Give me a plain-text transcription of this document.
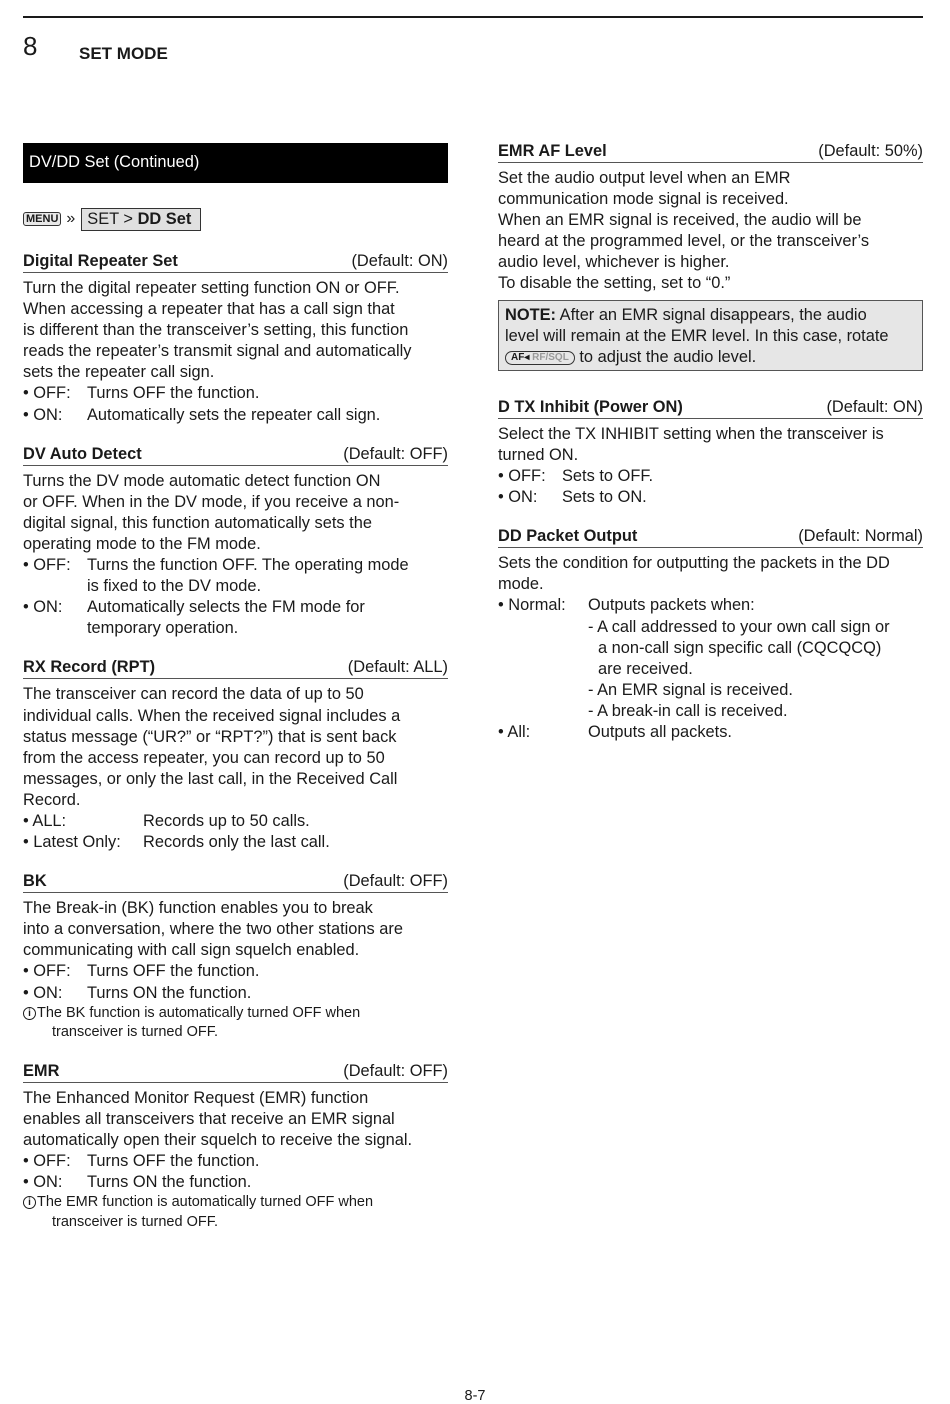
8 SET MODE
DV/DD Set (Continued)
MENU » SET > DD Set
Digital Repeater Set	(Default: ON)
Turn the digital repeater setting function ON or OFF.
When accessing a repeater that has a call sign that
is different than the transceiver’s setting, this function
reads the repeater’s transmit signal and automatically
sets the repeater call sign.
• OFF: Turns OFF the function.
• ON:	Automatically sets the repeater call sign.
DV Auto Detect	(Default: OFF)
Turns the DV mode automatic detect function ON
or OFF. When in the DV mode, if you receive a non-
digital signal, this function automatically sets the
operating mode to the FM mode.
• OFF: Turns the function OFF. The operating mode
is fixed to the DV mode.
• ON:	Automatically selects the FM mode for
temporary operation.
RX Record (RPT)	(Default: ALL)
The transceiver can record the data of up to 50
individual calls. When the received signal includes a
status message (“UR?” or “RPT?”) that is sent back
from the access repeater, you can record up to 50
messages, or only the last call, in the Received Call
Record.
• ALL:	Records up to 50 calls.
• Latest Only:	Records only the last call.
BK	(Default: OFF)
The Break-in (BK) function enables you to break
into a conversation, where the two other stations are
communicating with call sign squelch enabled.
• OFF: Turns OFF the function.
• ON:	Turns ON the function.
i The BK function is automatically turned OFF when
transceiver is turned OFF.
EMR	(Default: OFF)
The Enhanced Monitor Request (EMR) function
enables all transceivers that receive an EMR signal
automatically open their squelch to receive the signal.
• OFF: Turns OFF the function.
• ON:	Turns ON the function.
i The EMR function is automatically turned OFF when
transceiver is turned OFF.
EMR AF Level	(Default: 50%)
Set the audio output level when an EMR
communication mode signal is received.
When an EMR signal is received, the audio will be
heard at the programmed level, or the transceiver’s
audio level, whichever is higher.
To disable the setting, set to “0.”
NOTE: After an EMR signal disappears, the audio
level will remain at the EMR level. In this case, rotate
AF◂ RF/SQL to adjust the audio level.
D TX Inhibit (Power ON)	(Default: ON)
Select the TX INHIBIT setting when the transceiver is
turned ON.
• OFF: Sets to OFF.
• ON:	Sets to ON.
DD Packet Output	(Default: Normal)
Sets the condition for outputting the packets in the DD
mode.
• Normal:	Outputs packets when:
- A call addressed to your own call sign or
a non-call sign specific call (CQCQCQ)
are received.
- An EMR signal is received.
- A break-in call is received.
• All:	Outputs all packets.
8-7
